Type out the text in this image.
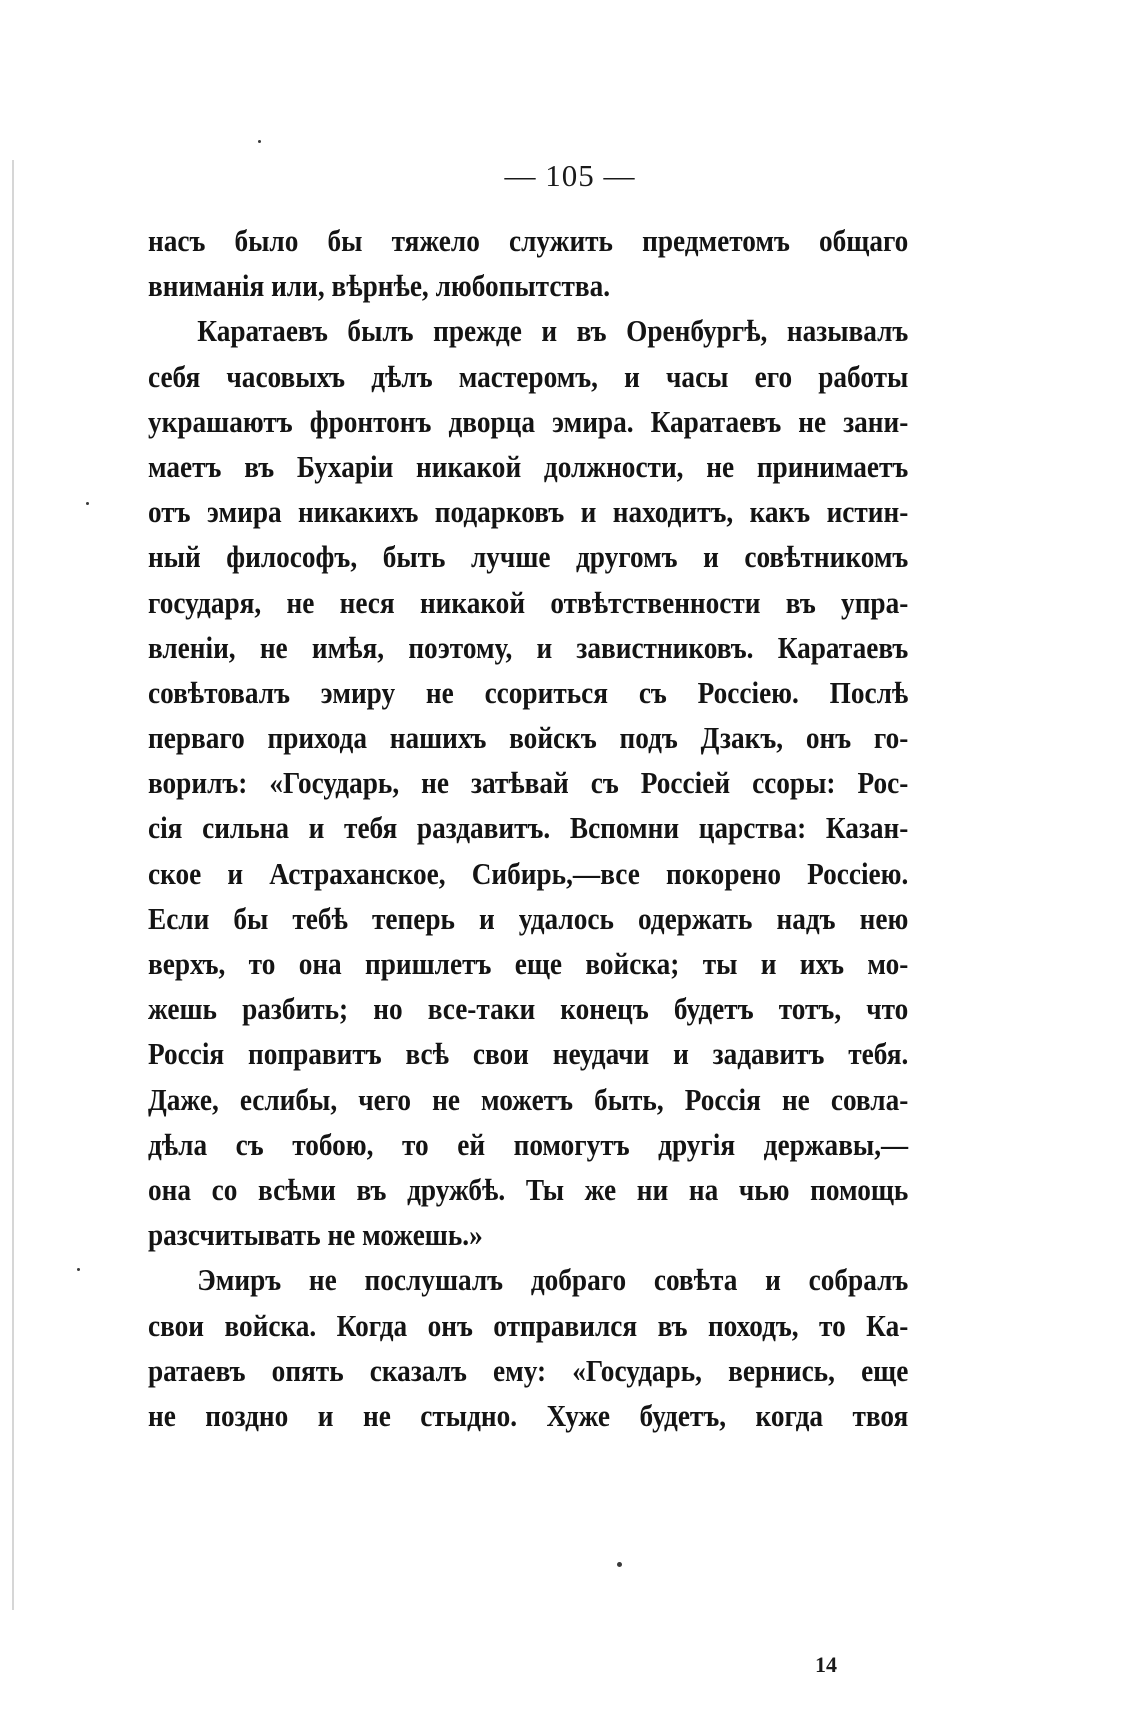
— 105 —
насъ было бы тяжело служить предметомъ общаго
вниманія или, вѣрнѣе, любопытства.
Каратаевъ былъ прежде и въ Оренбургѣ, называлъ
себя часовыхъ дѣлъ мастеромъ, и часы его работы
украшаютъ фронтонъ дворца эмира. Каратаевъ не зани-
маетъ въ Бухаріи никакой должности, не принимаетъ
отъ эмира никакихъ подарковъ и находитъ, какъ истин-
ный философъ, быть лучше другомъ и совѣтникомъ
государя, не неся никакой отвѣтственности въ упра-
вленіи, не имѣя, поэтому, и завистниковъ. Каратаевъ
совѣтовалъ эмиру не ссориться съ Россіею. Послѣ
перваго прихода нашихъ войскъ подъ Дзакъ, онъ го-
ворилъ: «Государь, не затѣвай съ Россіей ссоры: Рос-
сія сильна и тебя раздавитъ. Вспомни царства: Казан-
ское и Астраханское, Сибирь,—все покорено Россіею.
Если бы тебѣ теперь и удалось одержать надъ нею
верхъ, то она пришлетъ еще войска; ты и ихъ мо-
жешь разбить; но все-таки конецъ будетъ тотъ, что
Россія поправитъ всѣ свои неудачи и задавитъ тебя.
Даже, еслибы, чего не можетъ быть, Россія не совла-
дѣла съ тобою, то ей помогутъ другія державы,—
она со всѣми въ дружбѣ. Ты же ни на чью помощь
разсчитывать не можешь.»
Эмиръ не послушалъ добраго совѣта и собралъ
свои войска. Когда онъ отправился въ походъ, то Ка-
ратаевъ опять сказалъ ему: «Государь, вернись, еще
не поздно и не стыдно. Хуже будетъ, когда твоя
14
